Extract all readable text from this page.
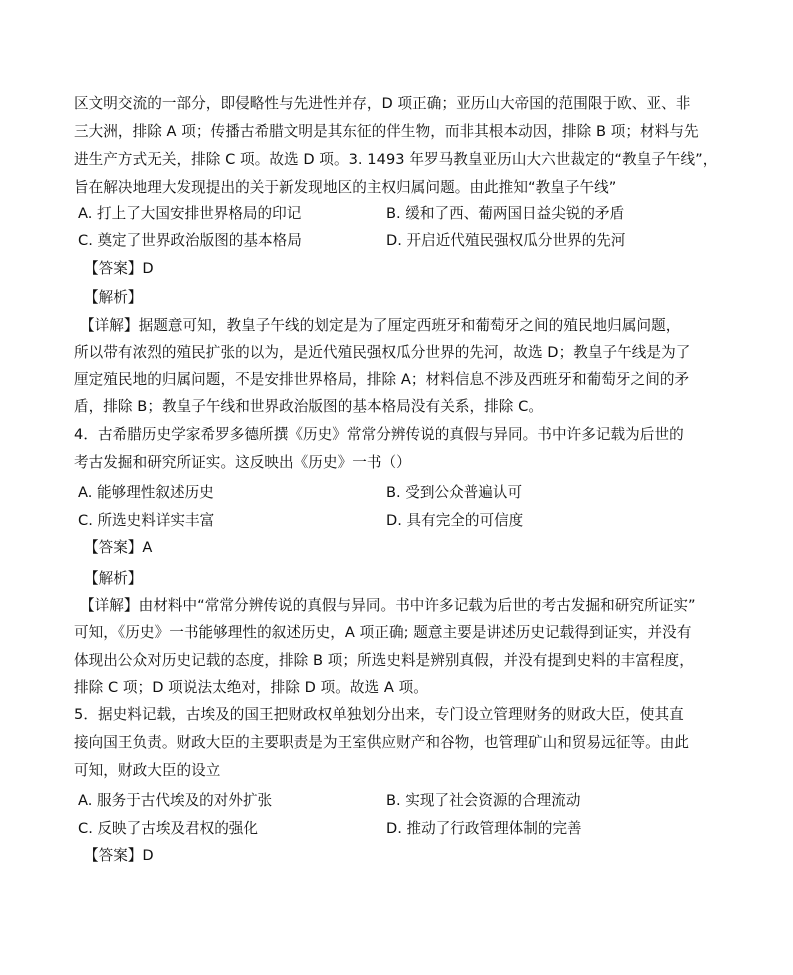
区文明交流的一部分，即侵略性与先进性并存，D 项正确；亚历山大帝国的范围限于欧、亚、非
三大洲，排除 A 项；传播古希腊文明是其东征的伴生物，而非其根本动因，排除 B 项；材料与先
进生产方式无关，排除 C 项。故选 D 项。3. 1493 年罗马教皇亚历山大六世裁定的“教皇子午线”，
旨在解决地理大发现提出的关于新发现地区的主权归属问题。由此推知“教皇子午线”
A. 打上了大国安排世界格局的印记	B. 缓和了西、葡两国日益尖锐的矛盾
C. 奠定了世界政治版图的基本格局	D. 开启近代殖民强权瓜分世界的先河
【答案】D
【解析】
【详解】据题意可知，教皇子午线的划定是为了厘定西班牙和葡萄牙之间的殖民地归属问题，
所以带有浓烈的殖民扩张的以为，是近代殖民强权瓜分世界的先河，故选 D；教皇子午线是为了
厘定殖民地的归属问题，不是安排世界格局，排除 A；材料信息不涉及西班牙和葡萄牙之间的矛
盾，排除 B；教皇子午线和世界政治版图的基本格局没有关系，排除 C。
4．古希腊历史学家希罗多德所撰《历史》常常分辨传说的真假与异同。书中许多记载为后世的
考古发掘和研究所证实。这反映出《历史》一书（）
A. 能够理性叙述历史	B. 受到公众普遍认可
C. 所选史料详实丰富	D. 具有完全的可信度
【答案】A
【解析】
【详解】由材料中“常常分辨传说的真假与异同。书中许多记载为后世的考古发掘和研究所证实”
可知，《历史》一书能够理性的叙述历史，A 项正确; 题意主要是讲述历史记载得到证实，并没有
体现出公众对历史记载的态度，排除 B 项；所选史料是辨别真假，并没有提到史料的丰富程度，
排除 C 项；D 项说法太绝对，排除 D 项。故选 A 项。
5．据史料记载，古埃及的国王把财政权单独划分出来，专门设立管理财务的财政大臣，使其直
接向国王负责。财政大臣的主要职责是为王室供应财产和谷物，也管理矿山和贸易远征等。由此
可知，财政大臣的设立
A. 服务于古代埃及的对外扩张	B. 实现了社会资源的合理流动
C. 反映了古埃及君权的强化	D. 推动了行政管理体制的完善
【答案】D
